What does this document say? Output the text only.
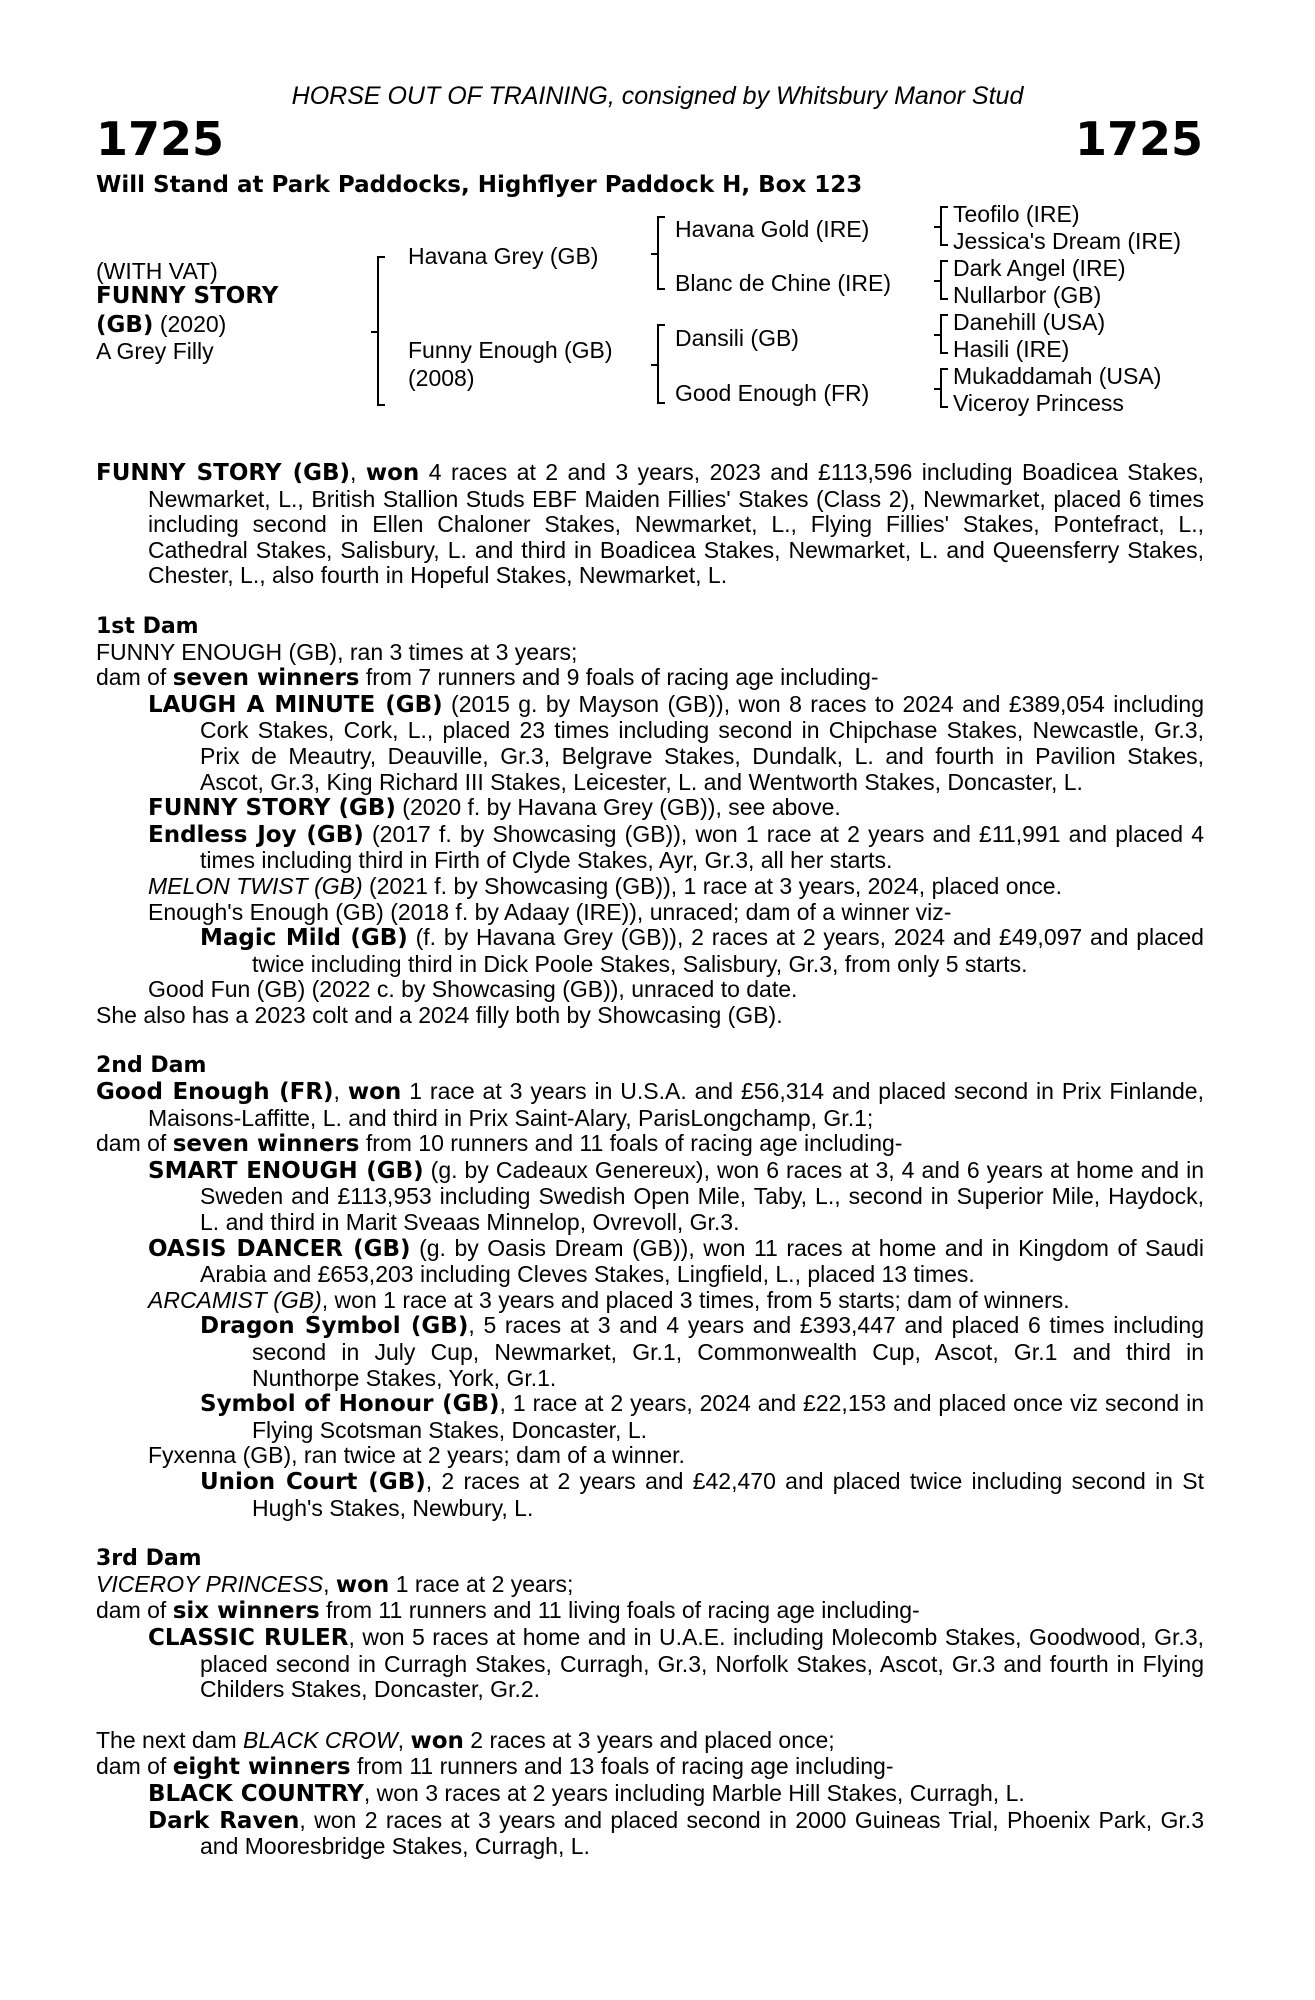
HORSE OUT OF TRAINING, consigned by Whitsbury Manor Stud
1725	1725
Will Stand at Park Paddocks, Highflyer Paddock H, Box 123
(WITH VAT)
FUNNY STORY
(GB) (2020)
A Grey Filly
Havana Grey (GB)
Funny Enough (GB)
(2008)
Havana Gold (IRE)
Blanc de Chine (IRE)
Dansili (GB)
Good Enough (FR)
Teofilo (IRE)
Jessica's Dream (IRE)
Dark Angel (IRE)
Nullarbor (GB)
Danehill (USA)
Hasili (IRE)
Mukaddamah (USA)
Viceroy Princess

FUNNY STORY (GB), won 4 races at 2 and 3 years, 2023 and £113,596 including Boadicea Stakes, Newmarket, L., British Stallion Studs EBF Maiden Fillies' Stakes (Class 2), Newmarket, placed 6 times including second in Ellen Chaloner Stakes, Newmarket, L., Flying Fillies' Stakes, Pontefract, L., Cathedral Stakes, Salisbury, L. and third in Boadicea Stakes, Newmarket, L. and Queensferry Stakes, Chester, L., also fourth in Hopeful Stakes, Newmarket, L.

1st Dam

FUNNY ENOUGH (GB), ran 3 times at 3 years;

dam of seven winners from 7 runners and 9 foals of racing age including-

LAUGH A MINUTE (GB) (2015 g. by Mayson (GB)), won 8 races to 2024 and £389,054 including Cork Stakes, Cork, L., placed 23 times including second in Chipchase Stakes, Newcastle, Gr.3, Prix de Meautry, Deauville, Gr.3, Belgrave Stakes, Dundalk, L. and fourth in Pavilion Stakes, Ascot, Gr.3, King Richard III Stakes, Leicester, L. and Wentworth Stakes, Doncaster, L.

FUNNY STORY (GB) (2020 f. by Havana Grey (GB)), see above.

Endless Joy (GB) (2017 f. by Showcasing (GB)), won 1 race at 2 years and £11,991 and placed 4 times including third in Firth of Clyde Stakes, Ayr, Gr.3, all her starts.

MELON TWIST (GB) (2021 f. by Showcasing (GB)), 1 race at 3 years, 2024, placed once.

Enough's Enough (GB) (2018 f. by Adaay (IRE)), unraced; dam of a winner viz-

Magic Mild (GB) (f. by Havana Grey (GB)), 2 races at 2 years, 2024 and £49,097 and placed twice including third in Dick Poole Stakes, Salisbury, Gr.3, from only 5 starts.

Good Fun (GB) (2022 c. by Showcasing (GB)), unraced to date.

She also has a 2023 colt and a 2024 filly both by Showcasing (GB).

2nd Dam

Good Enough (FR), won 1 race at 3 years in U.S.A. and £56,314 and placed second in Prix Finlande, Maisons-Laffitte, L. and third in Prix Saint-Alary, ParisLongchamp, Gr.1;

dam of seven winners from 10 runners and 11 foals of racing age including-

SMART ENOUGH (GB) (g. by Cadeaux Genereux), won 6 races at 3, 4 and 6 years at home and in Sweden and £113,953 including Swedish Open Mile, Taby, L., second in Superior Mile, Haydock, L. and third in Marit Sveaas Minnelop, Ovrevoll, Gr.3.

OASIS DANCER (GB) (g. by Oasis Dream (GB)), won 11 races at home and in Kingdom of Saudi Arabia and £653,203 including Cleves Stakes, Lingfield, L., placed 13 times.

ARCAMIST (GB), won 1 race at 3 years and placed 3 times, from 5 starts; dam of winners.

Dragon Symbol (GB), 5 races at 3 and 4 years and £393,447 and placed 6 times including second in July Cup, Newmarket, Gr.1, Commonwealth Cup, Ascot, Gr.1 and third in Nunthorpe Stakes, York, Gr.1.

Symbol of Honour (GB), 1 race at 2 years, 2024 and £22,153 and placed once viz second in Flying Scotsman Stakes, Doncaster, L.

Fyxenna (GB), ran twice at 2 years; dam of a winner.

Union Court (GB), 2 races at 2 years and £42,470 and placed twice including second in St Hugh's Stakes, Newbury, L.

3rd Dam

VICEROY PRINCESS, won 1 race at 2 years;

dam of six winners from 11 runners and 11 living foals of racing age including-

CLASSIC RULER, won 5 races at home and in U.A.E. including Molecomb Stakes, Goodwood, Gr.3, placed second in Curragh Stakes, Curragh, Gr.3, Norfolk Stakes, Ascot, Gr.3 and fourth in Flying Childers Stakes, Doncaster, Gr.2.

The next dam BLACK CROW, won 2 races at 3 years and placed once;

dam of eight winners from 11 runners and 13 foals of racing age including-

BLACK COUNTRY, won 3 races at 2 years including Marble Hill Stakes, Curragh, L.

Dark Raven, won 2 races at 3 years and placed second in 2000 Guineas Trial, Phoenix Park, Gr.3 and Mooresbridge Stakes, Curragh, L.
